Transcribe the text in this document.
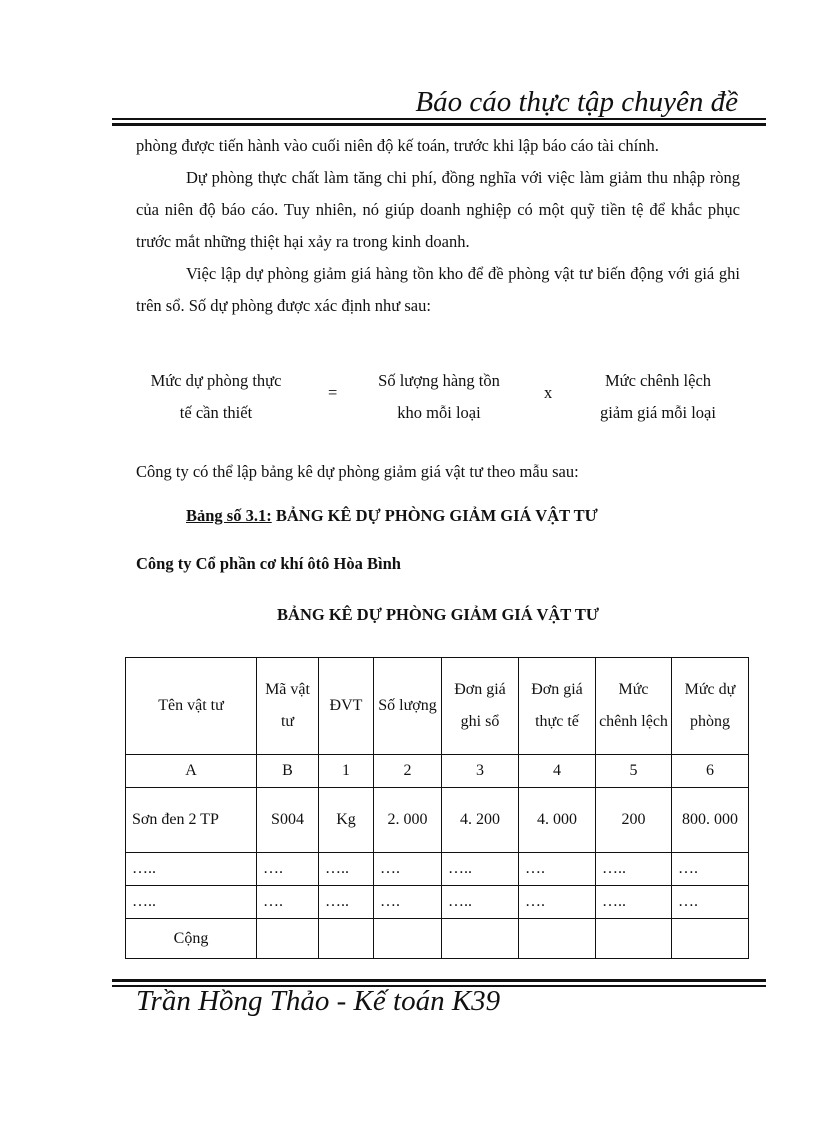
Báo cáo thực tập chuyên đề

phòng được tiến hành vào cuối niên độ kế toán, trước khi lập báo cáo tài chính.

Dự phòng thực chất làm tăng chi phí, đồng nghĩa với việc làm giảm thu nhập ròng của niên độ báo cáo. Tuy nhiên, nó giúp doanh nghiệp có một quỹ tiền tệ để khắc phục trước mắt những thiệt hại xảy ra trong kinh doanh.

Việc lập dự phòng giảm giá hàng tồn kho để đề phòng vật tư biến động với giá ghi trên sổ. Số dự phòng được xác định như sau:

Mức dự phòng thực
tế cần thiết
=
Số lượng hàng tồn
kho mỗi loại
x
Mức chênh lệch
giảm giá mỗi loại
Công ty có thể lập bảng kê dự phòng giảm giá vật tư theo mẫu sau:
Bảng số 3.1: BẢNG KÊ DỰ PHÒNG GIẢM GIÁ VẬT TƯ
Công ty Cổ phần cơ khí ôtô Hòa Bình
BẢNG KÊ DỰ PHÒNG GIẢM GIÁ VẬT TƯ
Tên vật tư	Mã vật tư	ĐVT	Số lượng	Đơn giá ghi sổ	Đơn giá thực tế	Mức chênh lệch	Mức dự phòng
A	B	1	2	3	4	5	6
Sơn đen 2 TP	S004	Kg	2. 000	4. 200	4. 000	200	800. 000
…..	….	…..	….	…..	….	…..	….
…..	….	…..	….	…..	….	…..	….
Cộng							
Trần Hồng Thảo - Kế toán K39
